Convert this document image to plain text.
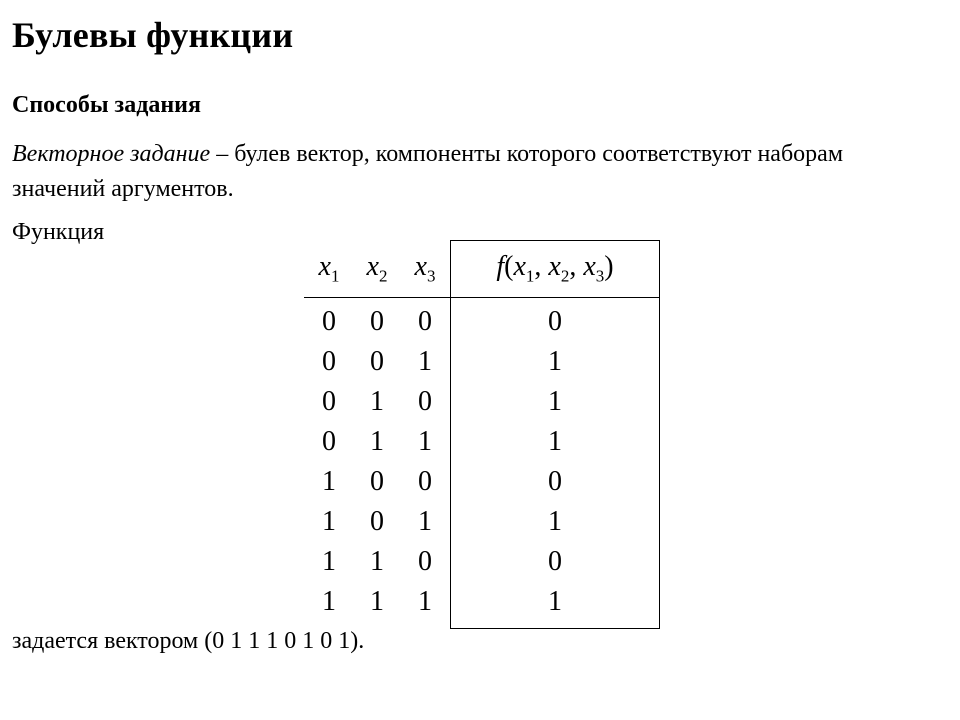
Булевы функции
Способы задания

Векторное задание – булев вектор, компоненты которого соответствуют наборам значений аргументов.

Функция

$x_1$ $x_2$ $x_3$	$f(x_1$, $x_2$, $x_3$)
0 0 0	0
0 0 1	1
0 1 0	1
0 1 1	1
1 0 0	0
1 0 1	1
1 1 0	0
1 1 1	1

задается вектором (0 1 1 1 0 1 0 1).
